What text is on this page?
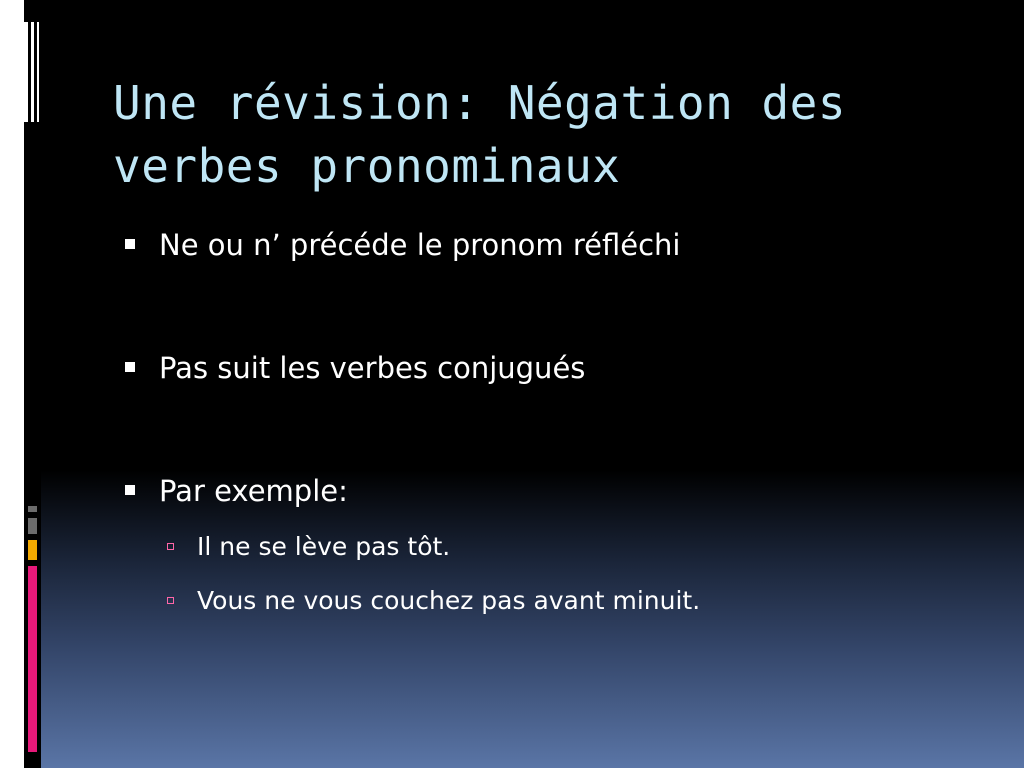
Une révision: Négation des verbes pronominaux
Ne ou n’ précéde le pronom réfléchi
Pas suit les verbes conjugués
Par exemple:
Il ne se lève pas tôt.
Vous ne vous couchez pas avant minuit.
